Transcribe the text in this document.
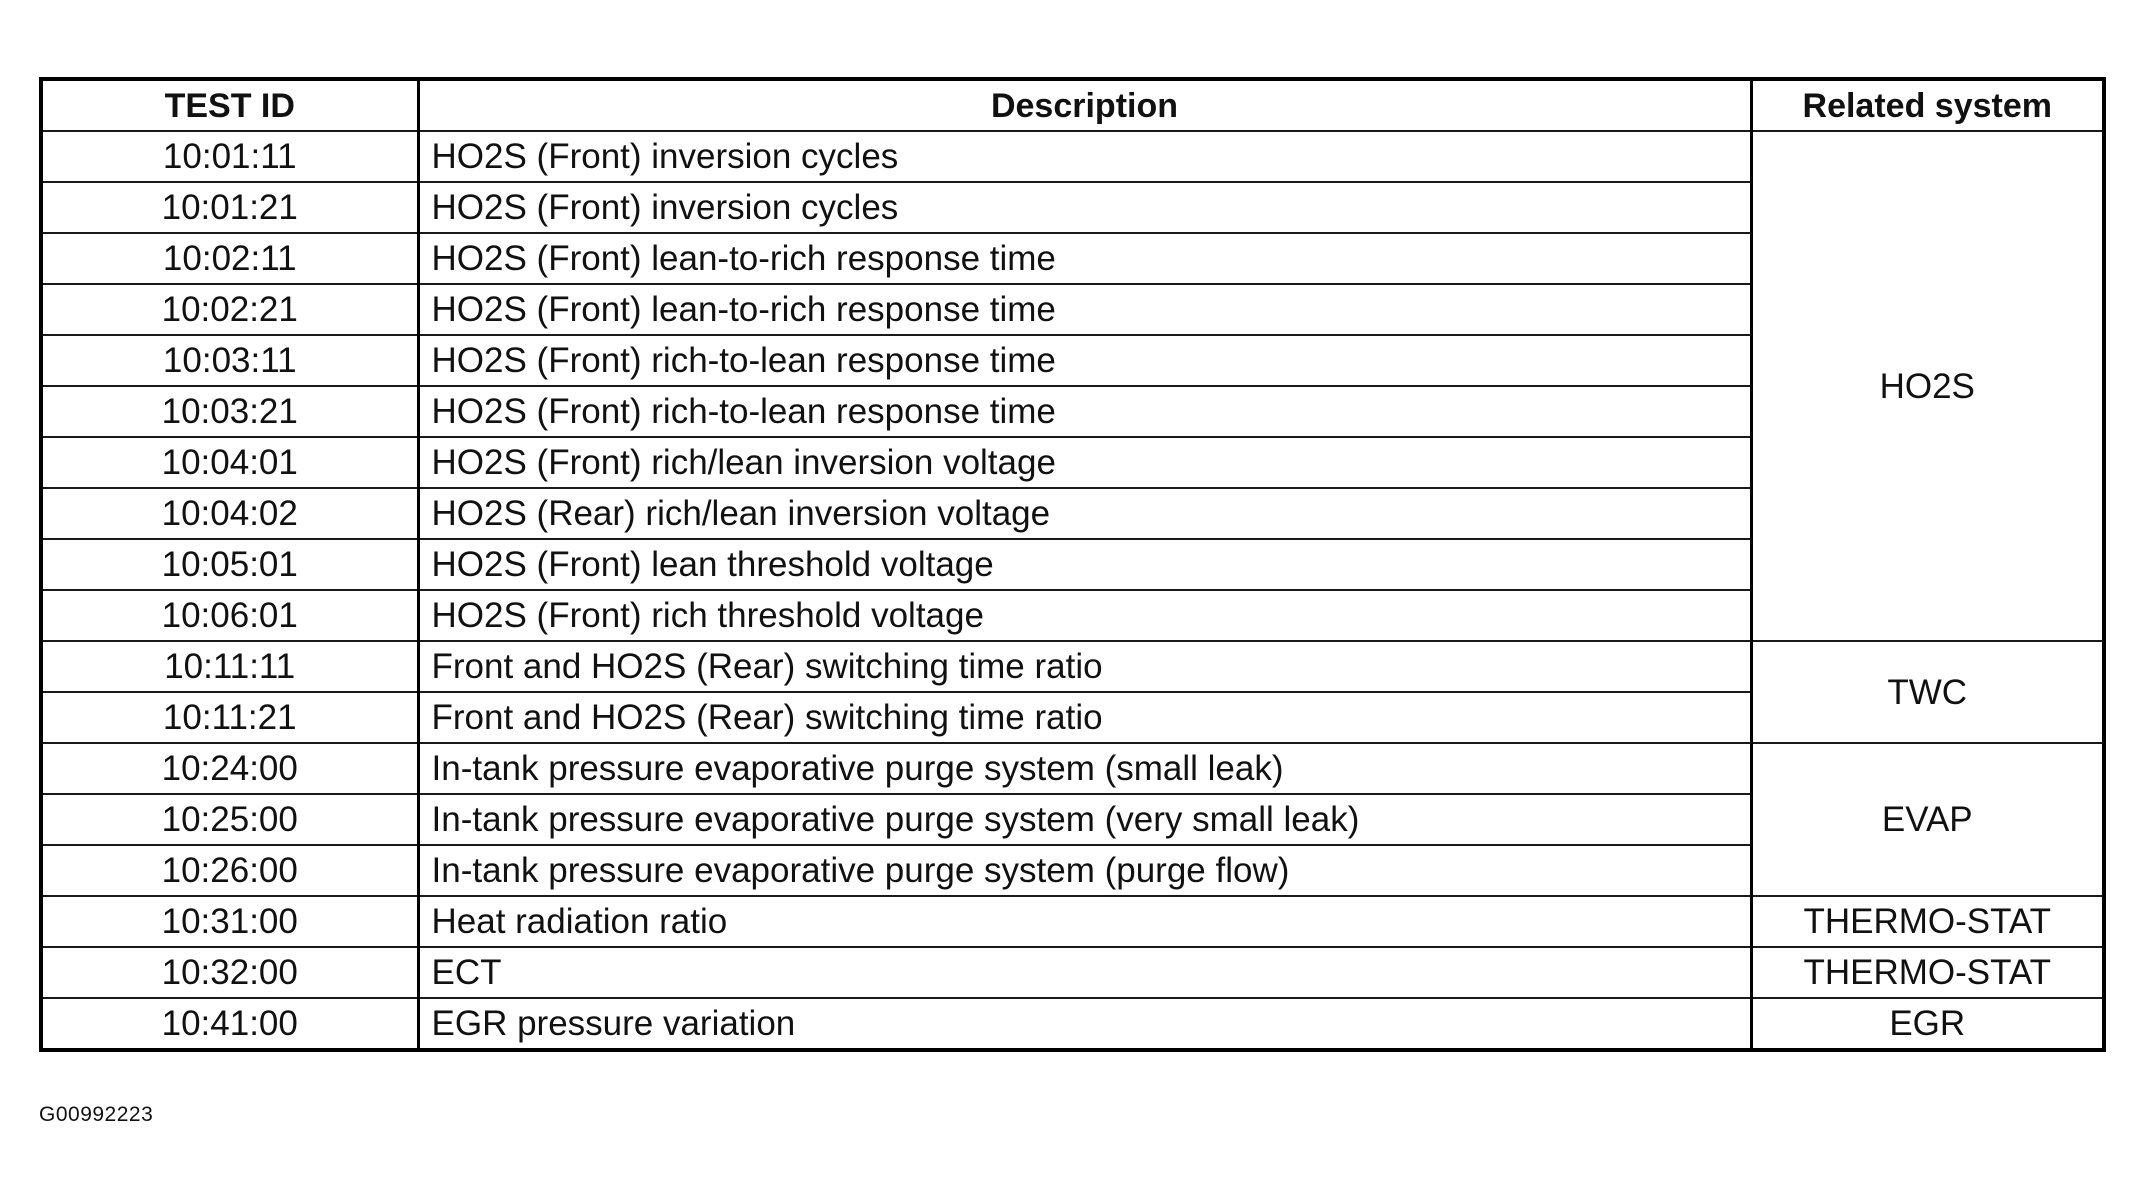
TEST ID	Description	Related system
10:01:11	HO2S (Front) inversion cycles	HO2S
10:01:21	HO2S (Front) inversion cycles	
10:02:11	HO2S (Front) lean-to-rich response time	
10:02:21	HO2S (Front) lean-to-rich response time	
10:03:11	HO2S (Front) rich-to-lean response time	
10:03:21	HO2S (Front) rich-to-lean response time	
10:04:01	HO2S (Front) rich/lean inversion voltage	
10:04:02	HO2S (Rear) rich/lean inversion voltage	
10:05:01	HO2S (Front) lean threshold voltage	
10:06:01	HO2S (Front) rich threshold voltage	
10:11:11	Front and HO2S (Rear) switching time ratio	TWC
10:11:21	Front and HO2S (Rear) switching time ratio	
10:24:00	In-tank pressure evaporative purge system (small leak)	EVAP
10:25:00	In-tank pressure evaporative purge system (very small leak)	
10:26:00	In-tank pressure evaporative purge system (purge flow)	
10:31:00	Heat radiation ratio	THERMO-STAT
10:32:00	ECT	THERMO-STAT
10:41:00	EGR pressure variation	EGR
G00992223
